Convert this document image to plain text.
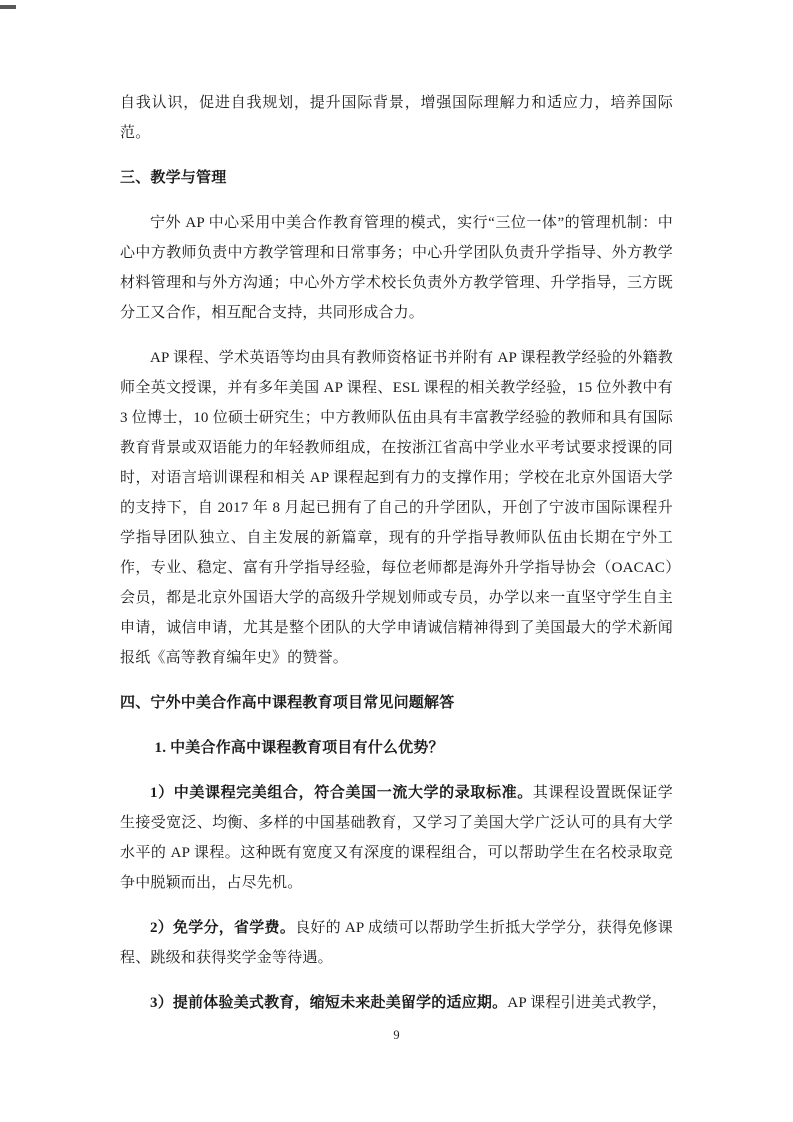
自我认识，促进自我规划，提升国际背景，增强国际理解力和适应力，培养国际范。

三、教学与管理

宁外 AP 中心采用中美合作教育管理的模式，实行“三位一体”的管理机制：中心中方教师负责中方教学管理和日常事务；中心升学团队负责升学指导、外方教学材料管理和与外方沟通；中心外方学术校长负责外方教学管理、升学指导，三方既分工又合作，相互配合支持，共同形成合力。

AP 课程、学术英语等均由具有教师资格证书并附有 AP 课程教学经验的外籍教师全英文授课，并有多年美国 AP 课程、ESL 课程的相关教学经验，15 位外教中有 3 位博士，10 位硕士研究生；中方教师队伍由具有丰富教学经验的教师和具有国际教育背景或双语能力的年轻教师组成，在按浙江省高中学业水平考试要求授课的同时，对语言培训课程和相关 AP 课程起到有力的支撑作用；学校在北京外国语大学的支持下，自 2017 年 8 月起已拥有了自己的升学团队，开创了宁波市国际课程升学指导团队独立、自主发展的新篇章，现有的升学指导教师队伍由长期在宁外工作，专业、稳定、富有升学指导经验，每位老师都是海外升学指导协会（OACAC）会员，都是北京外国语大学的高级升学规划师或专员，办学以来一直坚守学生自主申请，诚信申请，尤其是整个团队的大学申请诚信精神得到了美国最大的学术新闻报纸《高等教育编年史》的赞誉。

四、宁外中美合作高中课程教育项目常见问题解答

1. 中美合作高中课程教育项目有什么优势？

1）中美课程完美组合，符合美国一流大学的录取标准。其课程设置既保证学生接受宽泛、均衡、多样的中国基础教育，又学习了美国大学广泛认可的具有大学水平的 AP 课程。这种既有宽度又有深度的课程组合，可以帮助学生在名校录取竞争中脱颖而出，占尽先机。

2）免学分，省学费。良好的 AP 成绩可以帮助学生折抵大学学分，获得免修课程、跳级和获得奖学金等待遇。

3）提前体验美式教育，缩短未来赴美留学的适应期。AP 课程引进美式教学，

9
